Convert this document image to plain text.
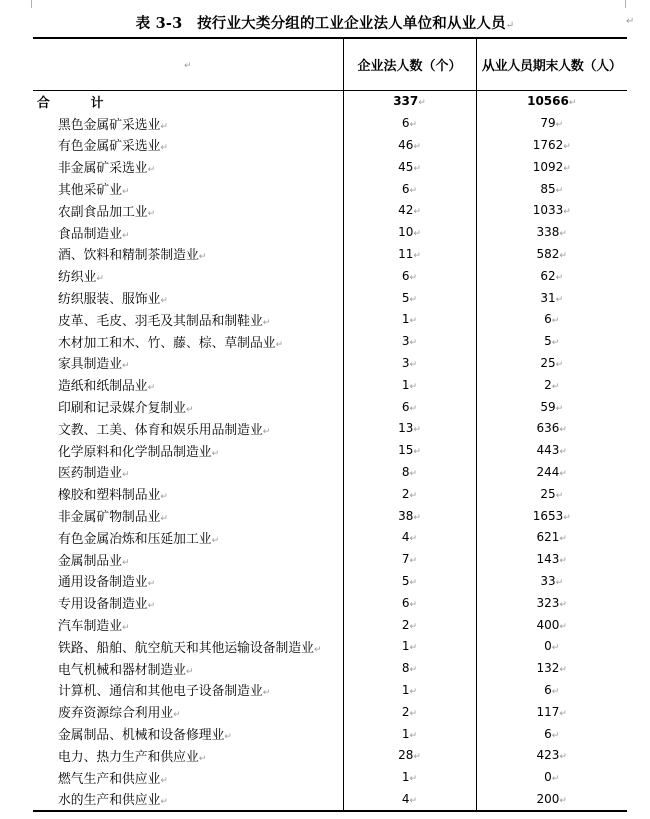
表 3-3　按行业大类分组的工业企业法人单位和从业人员↵	↵
↵	企业法人数（个）	从业人员期末人数（人）
合　计	337↵	10566↵
黑色金属矿采选业↵	6↵	79↵
有色金属矿采选业↵	46↵	1762↵
非金属矿采选业↵	45↵	1092↵
其他采矿业↵	6↵	85↵
农副食品加工业↵	42↵	1033↵
食品制造业↵	10↵	338↵
酒、饮料和精制茶制造业↵	11↵	582↵
纺织业↵	6↵	62↵
纺织服装、服饰业↵	5↵	31↵
皮革、毛皮、羽毛及其制品和制鞋业↵	1↵	6↵
木材加工和木、竹、藤、棕、草制品业↵	3↵	5↵
家具制造业↵	3↵	25↵
造纸和纸制品业↵	1↵	2↵
印刷和记录媒介复制业↵	6↵	59↵
文教、工美、体育和娱乐用品制造业↵	13↵	636↵
化学原料和化学制品制造业↵	15↵	443↵
医药制造业↵	8↵	244↵
橡胶和塑料制品业↵	2↵	25↵
非金属矿物制品业↵	38↵	1653↵
有色金属冶炼和压延加工业↵	4↵	621↵
金属制品业↵	7↵	143↵
通用设备制造业↵	5↵	33↵
专用设备制造业↵	6↵	323↵
汽车制造业↵	2↵	400↵
铁路、船舶、航空航天和其他运输设备制造业↵	1↵	0↵
电气机械和器材制造业↵	8↵	132↵
计算机、通信和其他电子设备制造业↵	1↵	6↵
废弃资源综合利用业↵	2↵	117↵
金属制品、机械和设备修理业↵	1↵	6↵
电力、热力生产和供应业↵	28↵	423↵
燃气生产和供应业↵	1↵	0↵
水的生产和供应业↵	4↵	200↵
